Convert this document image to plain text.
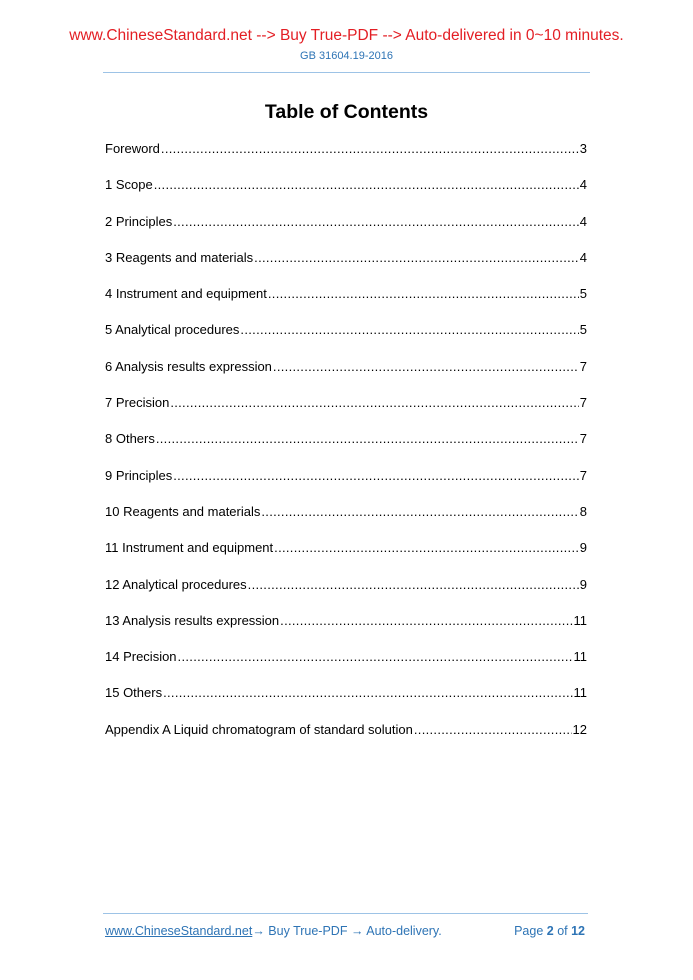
www.ChineseStandard.net --> Buy True-PDF --> Auto-delivered in 0~10 minutes.
GB 31604.19-2016
Table of Contents
Foreword .....	3
1 Scope .....	4
2 Principles .....	4
3 Reagents and materials .....	4
4 Instrument and equipment .....	5
5 Analytical procedures .....	5
6 Analysis results expression .....	7
7 Precision .....	7
8 Others .....	7
9 Principles .....	7
10 Reagents and materials .....	8
11 Instrument and equipment .....	9
12 Analytical procedures .....	9
13 Analysis results expression .....	11
14 Precision .....	11
15 Others .....	11
Appendix A Liquid chromatogram of standard solution .....	12
www.ChineseStandard.net→ Buy True-PDF → Auto-delivery.	Page 2 of 12
